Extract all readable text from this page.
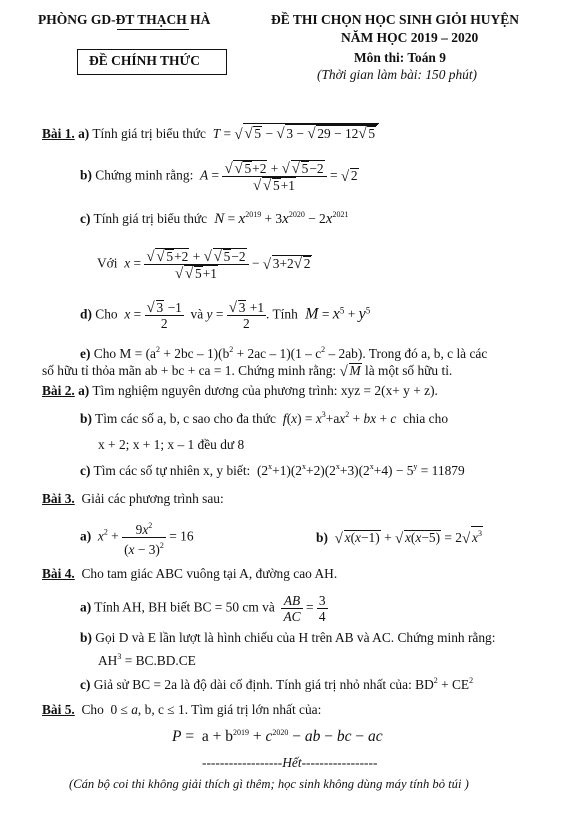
PHÒNG GD-ĐT THẠCH HÀ	ĐỀ THI CHỌN HỌC SINH GIỎI HUYỆN
NĂM HỌC 2019 – 2020
ĐỀ CHÍNH THỨC	Môn thi: Toán 9
(Thời gian làm bài: 150 phút)
Bài 1. a) Tính giá trị biểu thức  T = √ √ 5 − √ 3 − √ 29 − 12 √ 5
b) Chứng minh rằng:  A = √ √ 5+2 + √ √ 5−2
√ √ 5+1 = √ 2
c) Tính giá trị biểu thức  $N = x^{2019} + 3x^{2020} - 2x^{2021}$
Với  x = √ √ 5+2 + √ √ 5−2
√ √ 5+1 − √ 3+2 √ 2
d) Cho  x = √ $\frac{3 -1}{2}$ và y = √ $\frac{3 +1}{2}$ . Tính  $M = x^5 + y^5$
e) Cho $M = (a^2 + 2bc - 1)(b^2 + 2ac - 1)(1 - c^2 - 2ab)$. Trong đó a, b, c là các
số hữu tỉ thỏa mãn ab + bc + ca = 1. Chứng minh rằng: √ M là một số hữu tỉ.
Bài 2. a) Tìm nghiệm nguyên dương của phương trình: xyz = 2(x+ y + z).
b) Tìm các số a, b, c sao cho đa thức  $f(x) = x^3+ax^2$ + bx + c chia cho
x + 2; x + 1; x – 1 đều dư 8
c) Tìm các số tự nhiên x, y biết:  $(2^x+1)(2^x+2)(2^x+3)(2^x+4) - 5^y = 11879$
Bài 3. Giải các phương trình sau:
a) $x^2 + \frac{9x^2}{(x - 3)^2} = 16$	b) √ x(x−1) + √ x(x−5) = 2 √ $x^3$
Bài 4. Cho tam giác ABC vuông tại A, đường cao AH.
a) Tính AH, BH biết BC = 50 cm và $\frac{AB}{AC} = \frac{3}{4}$
b) Gọi D và E lần lượt là hình chiếu của H trên AB và AC. Chứng minh rằng:
$AH^3 = BC.BD.CE$
c) Giả sử BC = 2a là độ dài cố định. Tính giá trị nhỏ nhất của: $BD^2 + CE^2$
Bài 5. Cho  0 ≤ a, b, c ≤ 1. Tìm giá trị lớn nhất của:
$P = a + b^{2019} + c^{2020}$ − ab − bc − ac
------------------Hết-----------------
(Cán bộ coi thi không giải thích gì thêm; học sinh không dùng máy tính bỏ túi )
